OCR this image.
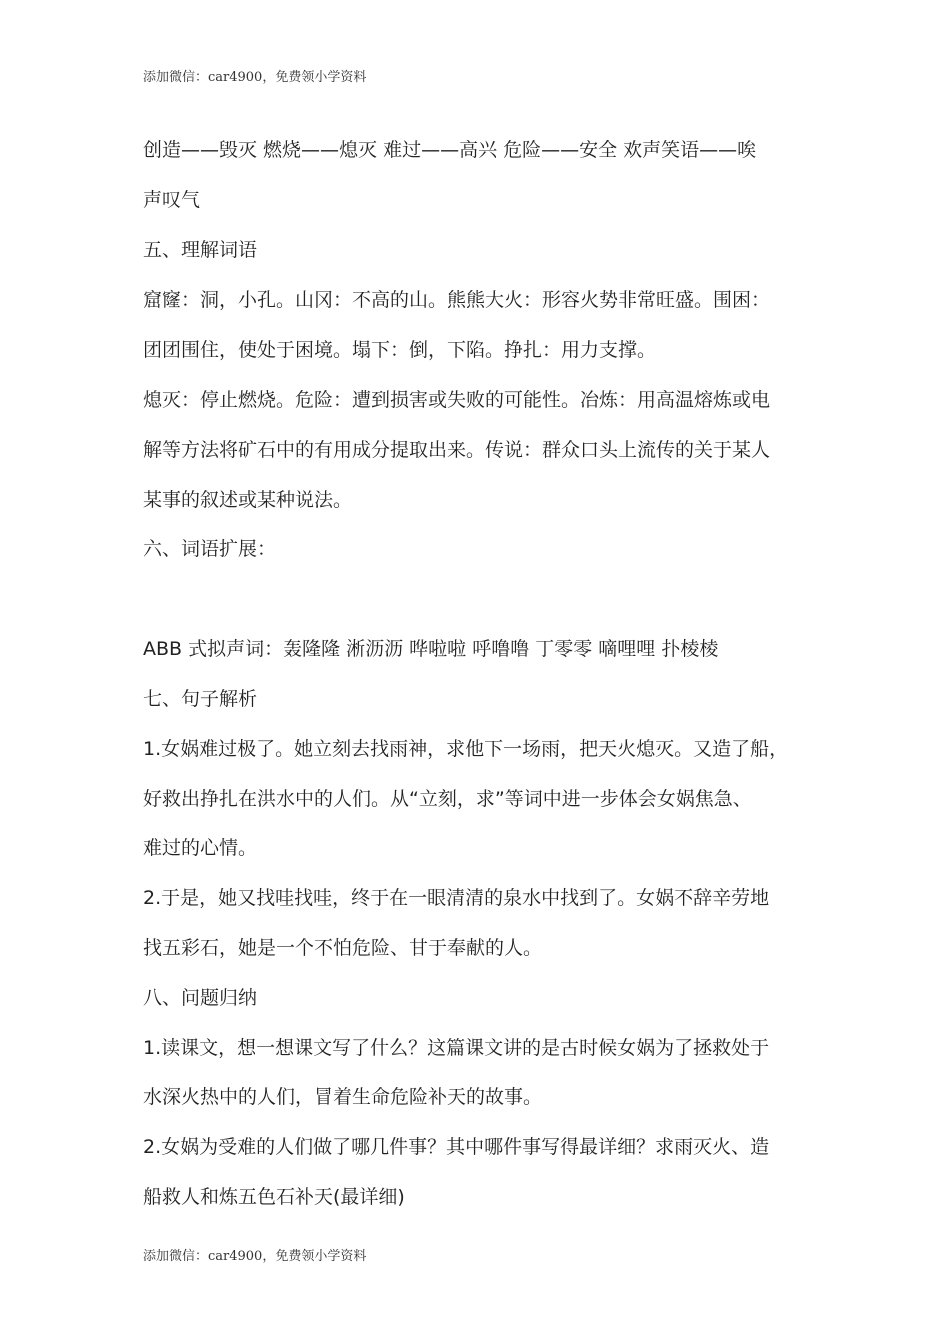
添加微信：car4900，免费领小学资料
创造——毁灭 燃烧——熄灭 难过——高兴 危险——安全 欢声笑语——唉
声叹气
五、理解词语
窟窿：洞，小孔。山冈：不高的山。熊熊大火：形容火势非常旺盛。围困：
团团围住，使处于困境。塌下：倒，下陷。挣扎：用力支撑。
熄灭：停止燃烧。危险：遭到损害或失败的可能性。冶炼：用高温熔炼或电
解等方法将矿石中的有用成分提取出来。传说：群众口头上流传的关于某人
某事的叙述或某种说法。
六、词语扩展：
ABB 式拟声词：轰隆隆 淅沥沥 哗啦啦 呼噜噜 丁零零 嘀哩哩 扑棱棱
七、句子解析
1.女娲难过极了。她立刻去找雨神，求他下一场雨，把天火熄灭。又造了船，
好救出挣扎在洪水中的人们。从“立刻，求”等词中进一步体会女娲焦急、
难过的心情。
2.于是，她又找哇找哇，终于在一眼清清的泉水中找到了。女娲不辞辛劳地
找五彩石，她是一个不怕危险、甘于奉献的人。
八、问题归纳
1.读课文，想一想课文写了什么？这篇课文讲的是古时候女娲为了拯救处于
水深火热中的人们，冒着生命危险补天的故事。
2.女娲为受难的人们做了哪几件事？其中哪件事写得最详细？求雨灭火、造
船救人和炼五色石补天(最详细)
添加微信：car4900，免费领小学资料
